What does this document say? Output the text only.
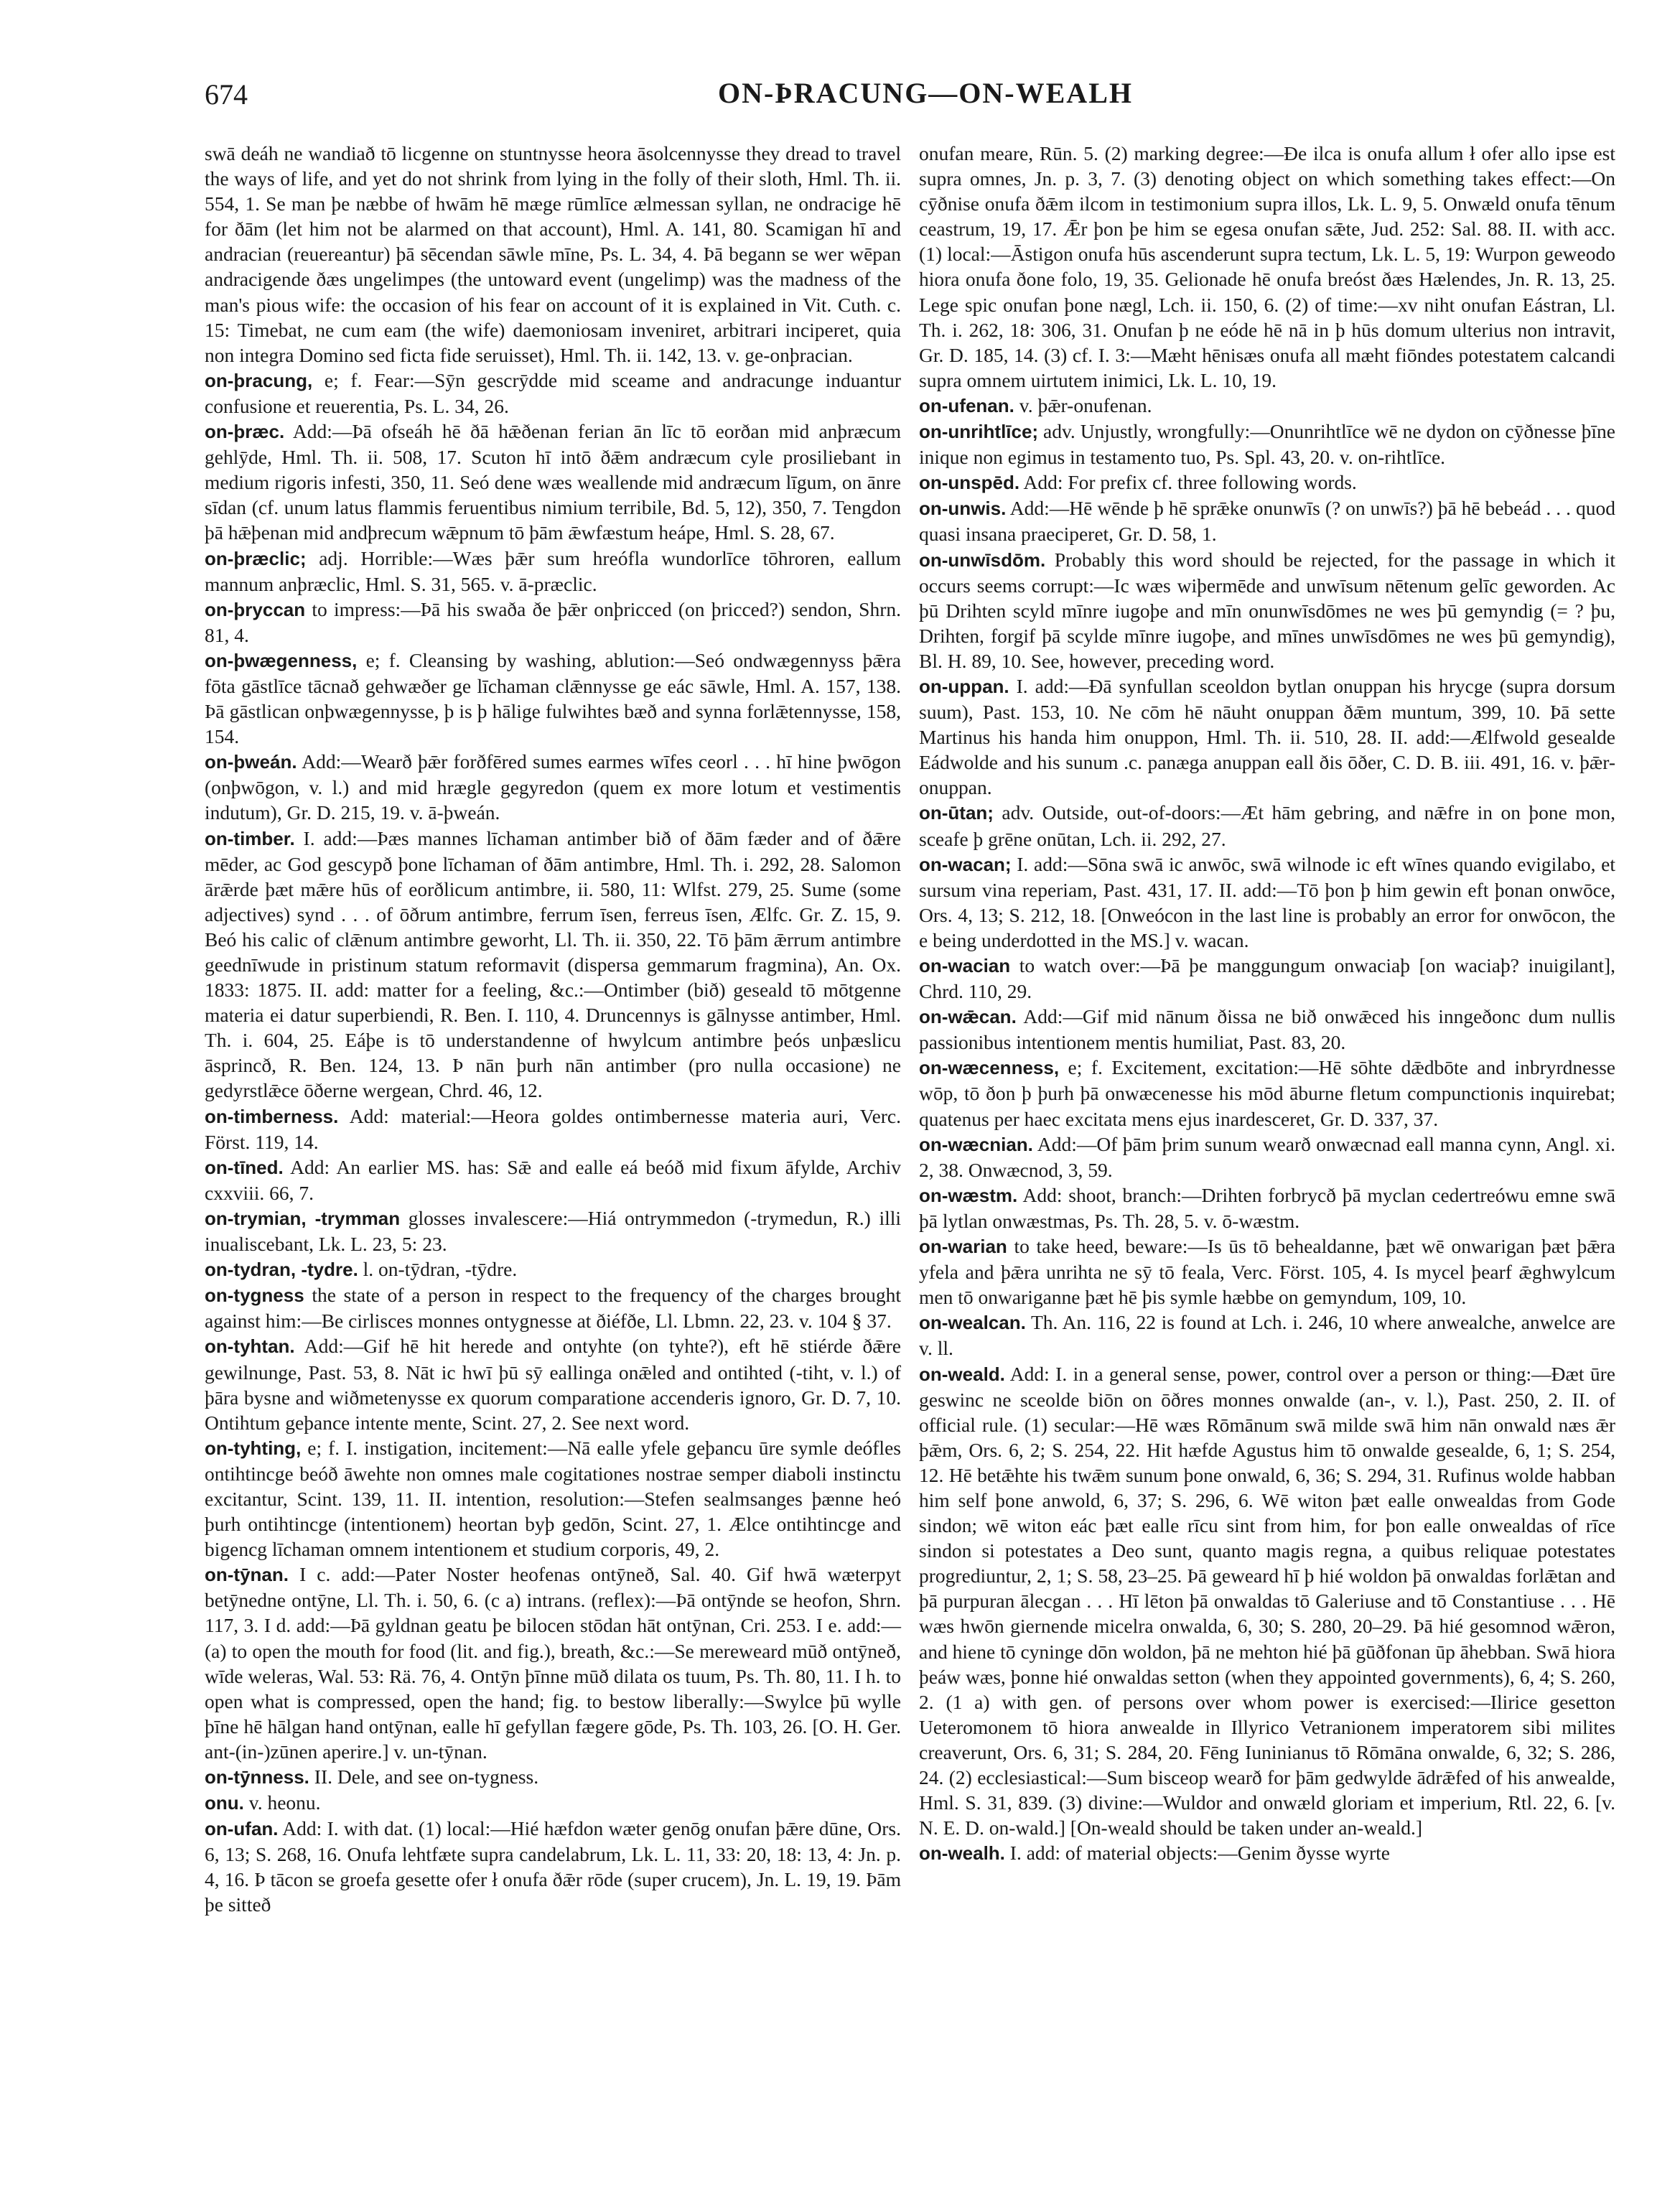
674	ON-ÞRACUNG—ON-WEALH

swā deáh ne wandiað tō licgenne on stuntnysse heora āsolcennysse they dread to travel the ways of life, and yet do not shrink from lying in the folly of their sloth, Hml. Th. ii. 554, 1. Se man þe næbbe of hwām hē mæge rūmlīce ælmessan syllan, ne ondracige hē for ðām (let him not be alarmed on that account), Hml. A. 141, 80. Scamigan hī and andracian (reuereantur) þā sēcendan sāwle mīne, Ps. L. 34, 4. Þā begann se wer wēpan andracigende ðæs ungelimpes (the untoward event (ungelimp) was the madness of the man's pious wife: the occasion of his fear on account of it is explained in Vit. Cuth. c. 15: Timebat, ne cum eam (the wife) daemoniosam inveniret, arbitrari inciperet, quia non integra Domino sed ficta fide seruisset), Hml. Th. ii. 142, 13. v. ge-onþracian.

on-þracung, e; f. Fear:—Sȳn gescrȳdde mid sceame and andracunge induantur confusione et reuerentia, Ps. L. 34, 26.

on-þræc. Add:—Þā ofseáh hē ðā hǣðenan ferian ān līc tō eorðan mid anþræcum gehlȳde, Hml. Th. ii. 508, 17. Scuton hī intō ðǣm andræcum cyle prosiliebant in medium rigoris infesti, 350, 11. Seó dene wæs weallende mid andræcum līgum, on ānre sīdan (cf. unum latus flammis feruentibus nimium terribile, Bd. 5, 12), 350, 7. Tengdon þā hǣþenan mid andþrecum wǣpnum tō þām ǣwfæstum heápe, Hml. S. 28, 67.

on-þræclic; adj. Horrible:—Wæs þǣr sum hreófla wundorlīce tōhroren, eallum mannum anþræclic, Hml. S. 31, 565. v. ā-præclic.

on-þryccan to impress:—Þā his swaða ðe þǣr onþricced (on þricced?) sendon, Shrn. 81, 4.

on-þwægenness, e; f. Cleansing by washing, ablution:—Seó ondwægennyss þǣra fōta gāstlīce tācnað gehwæðer ge līchaman clǣnnysse ge eác sāwle, Hml. A. 157, 138. Þā gāstlican onþwægennysse, þ is þ hālige fulwihtes bæð and synna forlǣtennysse, 158, 154.

on-þweán. Add:—Wearð þǣr forðfēred sumes earmes wīfes ceorl . . . hī hine þwōgon (onþwōgon, v. l.) and mid hrægle gegyredon (quem ex more lotum et vestimentis indutum), Gr. D. 215, 19. v. ā-þweán.

on-timber. I. add:—Þæs mannes līchaman antimber bið of ðām fæder and of ðǣre mēder, ac God gescypð þone līchaman of ðām antimbre, Hml. Th. i. 292, 28. Salomon ārǣrde þæt mǣre hūs of eorðlicum antimbre, ii. 580, 11: Wlfst. 279, 25. Sume (some adjectives) synd . . . of ōðrum antimbre, ferrum īsen, ferreus īsen, Ælfc. Gr. Z. 15, 9. Beó his calic of clǣnum antimbre geworht, Ll. Th. ii. 350, 22. Tō þām ǣrrum antimbre geednīwude in pristinum statum reformavit (dispersa gemmarum fragmina), An. Ox. 1833: 1875. II. add: matter for a feeling, &c.:—Ontimber (bið) geseald tō mōtgenne materia ei datur superbiendi, R. Ben. I. 110, 4. Druncennys is gālnysse antimber, Hml. Th. i. 604, 25. Eáþe is tō understandenne of hwylcum antimbre þeós unþæslicu āsprincð, R. Ben. 124, 13. Þ nān þurh nān antimber (pro nulla occasione) ne gedyrstlǣce ōðerne wergean, Chrd. 46, 12.

on-timberness. Add: material:—Heora goldes ontimbernesse materia auri, Verc. Först. 119, 14.

on-tīned. Add: An earlier MS. has: Sǣ and ealle eá beóð mid fixum āfylde, Archiv cxxviii. 66, 7.

on-trymian, -trymman glosses invalescere:—Hiá ontrymmedon (-trymedun, R.) illi inualiscebant, Lk. L. 23, 5: 23.

on-tydran, -tydre. l. on-tȳdran, -tȳdre.

on-tygness the state of a person in respect to the frequency of the charges brought against him:—Be cirlisces monnes ontygnesse at ðiéfðe, Ll. Lbmn. 22, 23. v. 104 § 37.

on-tyhtan. Add:—Gif hē hit herede and ontyhte (on tyhte?), eft hē stiérde ðǣre gewilnunge, Past. 53, 8. Nāt ic hwī þū sȳ eallinga onǣled and ontihted (-tiht, v. l.) of þāra bysne and wiðmetenysse ex quorum comparatione accenderis ignoro, Gr. D. 7, 10. Ontihtum geþance intente mente, Scint. 27, 2. See next word.

on-tyhting, e; f. I. instigation, incitement:—Nā ealle yfele geþancu ūre symle deófles ontihtincge beóð āwehte non omnes male cogitationes nostrae semper diaboli instinctu excitantur, Scint. 139, 11. II. intention, resolution:—Stefen sealmsanges þænne heó þurh ontihtincge (intentionem) heortan byþ gedōn, Scint. 27, 1. Ælce ontihtincge and bigencg līchaman omnem intentionem et studium corporis, 49, 2.

on-tȳnan. I c. add:—Pater Noster heofenas ontȳneð, Sal. 40. Gif hwā wæterpyt betȳnedne ontȳne, Ll. Th. i. 50, 6. (c a) intrans. (reflex):—Þā ontȳnde se heofon, Shrn. 117, 3. I d. add:—Þā gyldnan geatu þe bilocen stōdan hāt ontȳnan, Cri. 253. I e. add:—(a) to open the mouth for food (lit. and fig.), breath, &c.:—Se mereweard mūð ontȳneð, wīde weleras, Wal. 53: Rä. 76, 4. Ontȳn þīnne mūð dilata os tuum, Ps. Th. 80, 11. I h. to open what is compressed, open the hand; fig. to bestow liberally:—Swylce þū wylle þīne hē hālgan hand ontȳnan, ealle hī gefyllan fægere gōde, Ps. Th. 103, 26. [O. H. Ger. ant-(in-)zūnen aperire.] v. un-tȳnan.

on-tȳnness. II. Dele, and see on-tygness.

onu. v. heonu.

on-ufan. Add: I. with dat. (1) local:—Hié hæfdon wæter genōg onufan þǣre dūne, Ors. 6, 13; S. 268, 16. Onufa lehtfæte supra candelabrum, Lk. L. 11, 33: 20, 18: 13, 4: Jn. p. 4, 16. Þ tācon se groefa gesette ofer ł onufa ðǣr rōde (super crucem), Jn. L. 19, 19. Þām þe sitteð

onufan meare, Rūn. 5. (2) marking degree:—Ðe ilca is onufa allum ł ofer allo ipse est supra omnes, Jn. p. 3, 7. (3) denoting object on which something takes effect:—On cȳðnise onufa ðǣm ilcom in testimonium supra illos, Lk. L. 9, 5. Onwæld onufa tēnum ceastrum, 19, 17. Ǣr þon þe him se egesa onufan sǣte, Jud. 252: Sal. 88. II. with acc. (1) local:—Āstigon onufa hūs ascenderunt supra tectum, Lk. L. 5, 19: Wurpon geweodo hiora onufa ðone folo, 19, 35. Gelionade hē onufa breóst ðæs Hælendes, Jn. R. 13, 25. Lege spic onufan þone nægl, Lch. ii. 150, 6. (2) of time:—xv niht onufan Eástran, Ll. Th. i. 262, 18: 306, 31. Onufan þ ne eóde hē nā in þ hūs domum ulterius non intravit, Gr. D. 185, 14. (3) cf. I. 3:—Mæht hēnisæs onufa all mæht fiōndes potestatem calcandi supra omnem uirtutem inimici, Lk. L. 10, 19.

on-ufenan. v. þǣr-onufenan.

on-unrihtlīce; adv. Unjustly, wrongfully:—Onunrihtlīce wē ne dydon on cȳðnesse þīne inique non egimus in testamento tuo, Ps. Spl. 43, 20. v. on-rihtlīce.

on-unspēd. Add: For prefix cf. three following words.

on-unwis. Add:—Hē wēnde þ hē sprǣke onunwīs (? on unwīs?) þā hē bebeád . . . quod quasi insana praeciperet, Gr. D. 58, 1.

on-unwīsdōm. Probably this word should be rejected, for the passage in which it occurs seems corrupt:—Ic wæs wiþermēde and unwīsum nētenum gelīc geworden. Ac þū Drihten scyld mīnre iugoþe and mīn onunwīsdōmes ne wes þū gemyndig (= ? þu, Drihten, forgif þā scylde mīnre iugoþe, and mīnes unwīsdōmes ne wes þū gemyndig), Bl. H. 89, 10. See, however, preceding word.

on-uppan. I. add:—Ðā synfullan sceoldon bytlan onuppan his hrycge (supra dorsum suum), Past. 153, 10. Ne cōm hē nāuht onuppan ðǣm muntum, 399, 10. Þā sette Martinus his handa him onuppon, Hml. Th. ii. 510, 28. II. add:—Ælfwold gesealde Eádwolde and his sunum .c. panæga anuppan eall ðis ōðer, C. D. B. iii. 491, 16. v. þǣr-onuppan.

on-ūtan; adv. Outside, out-of-doors:—Æt hām gebring, and nǣfre in on þone mon, sceafe þ grēne onūtan, Lch. ii. 292, 27.

on-wacan; I. add:—Sōna swā ic anwōc, swā wilnode ic eft wīnes quando evigilabo, et sursum vina reperiam, Past. 431, 17. II. add:—Tō þon þ him gewin eft þonan onwōce, Ors. 4, 13; S. 212, 18. [Onweócon in the last line is probably an error for onwōcon, the e being underdotted in the MS.] v. wacan.

on-wacian to watch over:—Þā þe manggungum onwaciaþ [on waciaþ? inuigilant], Chrd. 110, 29.

on-wǣcan. Add:—Gif mid nānum ðissa ne bið onwǣced his inngeðonc dum nullis passionibus intentionem mentis humiliat, Past. 83, 20.

on-wæcenness, e; f. Excitement, excitation:—Hē sōhte dǣdbōte and inbryrdnesse wōp, tō ðon þ þurh þā onwæcenesse his mōd āburne fletum compunctionis inquirebat; quatenus per haec excitata mens ejus inardesceret, Gr. D. 337, 37.

on-wæcnian. Add:—Of þām þrim sunum wearð onwæcnad eall manna cynn, Angl. xi. 2, 38. Onwæcnod, 3, 59.

on-wæstm. Add: shoot, branch:—Drihten forbrycð þā myclan cedertreówu emne swā þā lytlan onwæstmas, Ps. Th. 28, 5. v. ō-wæstm.

on-warian to take heed, beware:—Is ūs tō behealdanne, þæt wē onwarigan þæt þǣra yfela and þǣra unrihta ne sȳ tō feala, Verc. Först. 105, 4. Is mycel þearf ǣghwylcum men tō onwariganne þæt hē þis symle hæbbe on gemyndum, 109, 10.

on-wealcan. Th. An. 116, 22 is found at Lch. i. 246, 10 where anwealche, anwelce are v. ll.

on-weald. Add: I. in a general sense, power, control over a person or thing:—Ðæt ūre geswinc ne sceolde biōn on ōðres monnes onwalde (an-, v. l.), Past. 250, 2. II. of official rule. (1) secular:—Hē wæs Rōmānum swā milde swā him nān onwald næs ǣr þǣm, Ors. 6, 2; S. 254, 22. Hit hæfde Agustus him tō onwalde gesealde, 6, 1; S. 254, 12. Hē betǣhte his twǣm sunum þone onwald, 6, 36; S. 294, 31. Rufinus wolde habban him self þone anwold, 6, 37; S. 296, 6. Wē witon þæt ealle onwealdas from Gode sindon; wē witon eác þæt ealle rīcu sint from him, for þon ealle onwealdas of rīce sindon si potestates a Deo sunt, quanto magis regna, a quibus reliquae potestates progrediuntur, 2, 1; S. 58, 23–25. Þā geweard hī þ hié woldon þā onwaldas forlǣtan and þā purpuran ālecgan . . . Hī lēton þā onwaldas tō Galeriuse and tō Constantiuse . . . Hē wæs hwōn giernende micelra onwalda, 6, 30; S. 280, 20–29. Þā hié gesomnod wǣron, and hiene tō cyninge dōn woldon, þā ne mehton hié þā gūðfonan ūp āhebban. Swā hiora þeáw wæs, þonne hié onwaldas setton (when they appointed governments), 6, 4; S. 260, 2. (1 a) with gen. of persons over whom power is exercised:—Ilirice gesetton Ueteromonem tō hiora anwealde in Illyrico Vetranionem imperatorem sibi milites creaverunt, Ors. 6, 31; S. 284, 20. Fēng Iuninianus tō Rōmāna onwalde, 6, 32; S. 286, 24. (2) ecclesiastical:—Sum bisceop wearð for þām gedwylde ādrǣfed of his anwealde, Hml. S. 31, 839. (3) divine:—Wuldor and onwæld gloriam et imperium, Rtl. 22, 6. [v. N. E. D. on-wald.] [On-weald should be taken under an-weald.]

on-wealh. I. add: of material objects:—Genim ðysse wyrte
